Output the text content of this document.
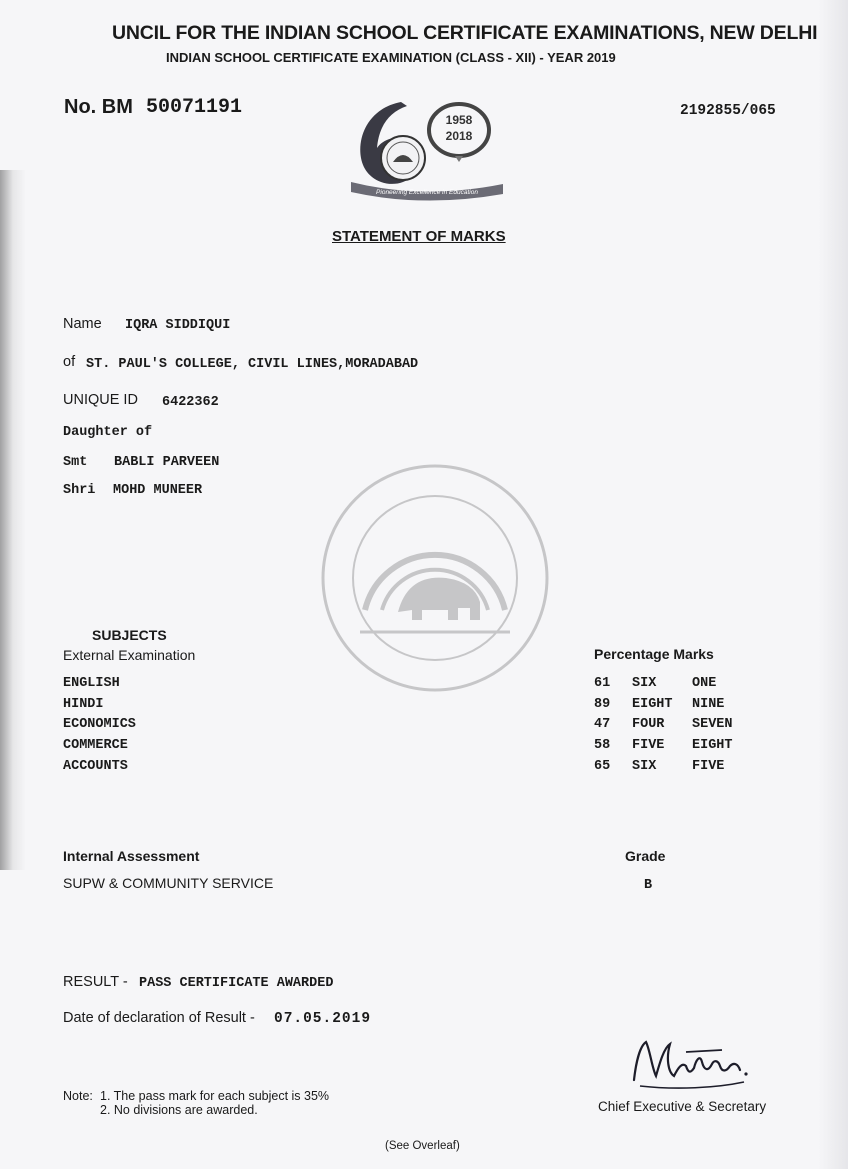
UNCIL FOR THE INDIAN SCHOOL CERTIFICATE EXAMINATIONS, NEW DELHI
INDIAN SCHOOL CERTIFICATE EXAMINATION (CLASS - XII) - YEAR 2019
No. BM 50071191	2192855/065
1958
2018
Pioneering Excellence in Education
STATEMENT OF MARKS
Name IQRA SIDDIQUI
of ST. PAUL'S COLLEGE, CIVIL LINES,MORADABAD
UNIQUE ID 6422362
Daughter of
Smt BABLI PARVEEN
Shri MOHD MUNEER
SUBJECTS
External Examination	Percentage Marks
ENGLISH	61 SIX	ONE
HINDI	89 EIGHT NINE
ECONOMICS	47 FOUR SEVEN
COMMERCE	58 FIVE EIGHT
ACCOUNTS	65 SIX	FIVE
Internal Assessment	Grade
SUPW & COMMUNITY SERVICE	B
RESULT - PASS CERTIFICATE AWARDED
Date of declaration of Result - 07.05.2019
Chief Executive & Secretary
Note: 1. The pass mark for each subject is 35%
2. No divisions are awarded.
(See Overleaf)
